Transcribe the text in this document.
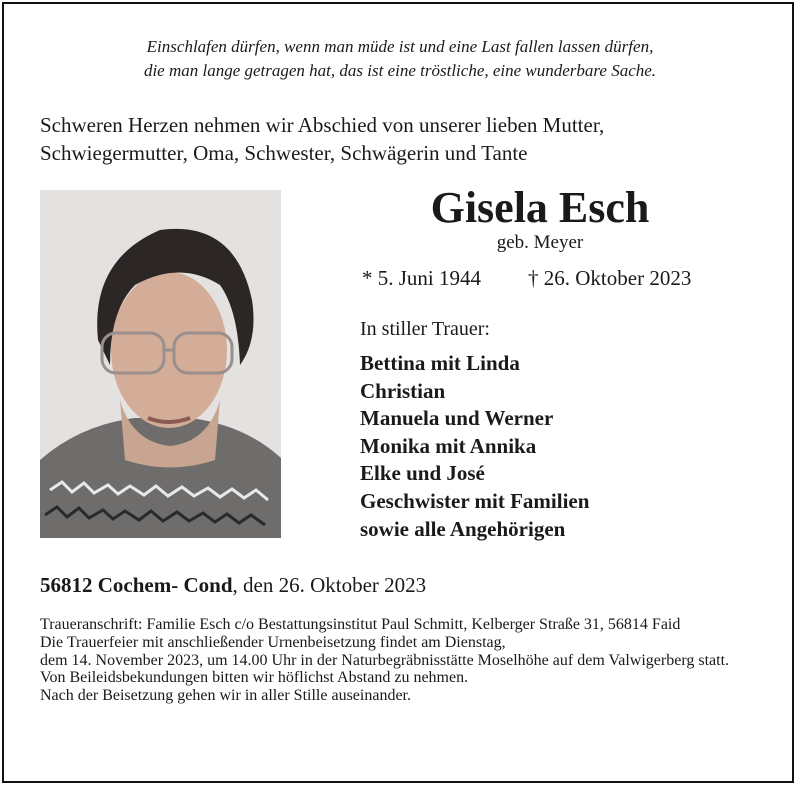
Einschlafen dürfen, wenn man müde ist und eine Last fallen lassen dürfen,
die man lange getragen hat, das ist eine tröstliche, eine wunderbare Sache.
Schweren Herzen nehmen wir Abschied von unserer lieben Mutter,
Schwiegermutter, Oma, Schwester, Schwägerin und Tante
Gisela Esch
geb. Meyer
* 5. Juni 1944 † 26. Oktober 2023
In stiller Trauer:
Bettina mit Linda
Christian
Manuela und Werner
Monika mit Annika
Elke und José
Geschwister mit Familien
sowie alle Angehörigen
56812 Cochem- Cond, den 26. Oktober 2023

Traueranschrift: Familie Esch c/o Bestattungsinstitut Paul Schmitt, Kelberger Straße 31, 56814 Faid

Die Trauerfeier mit anschließender Urnenbeisetzung findet am Dienstag,

dem 14. November 2023, um 14.00 Uhr in der Naturbegräbnisstätte Moselhöhe auf dem Valwigerberg statt.

Von Beileidsbekundungen bitten wir höflichst Abstand zu nehmen.

Nach der Beisetzung gehen wir in aller Stille auseinander.
